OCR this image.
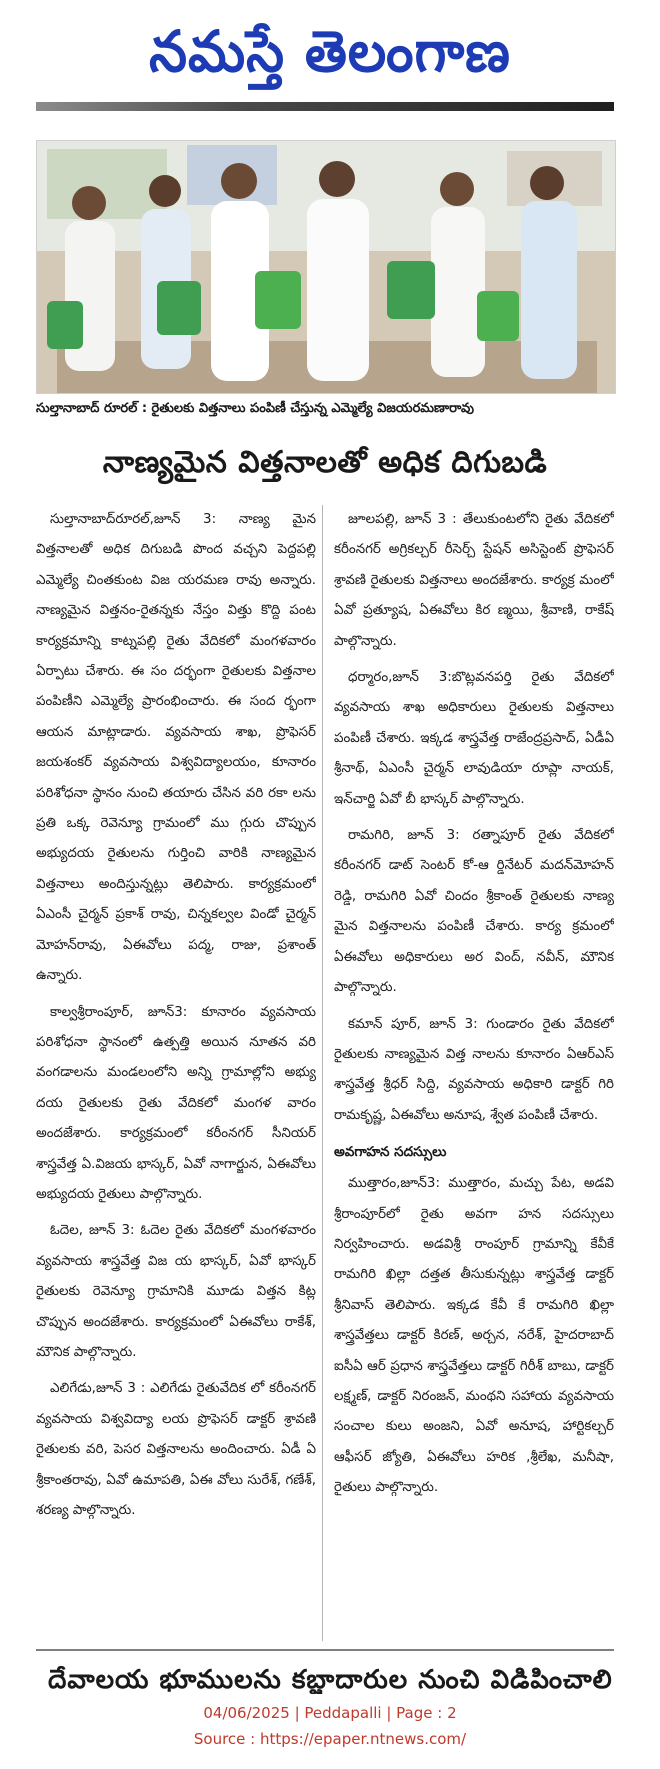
నమస్తే తెలంగాణ
సుల్తానాబాద్ రూరల్ : రైతులకు విత్తనాలు పంపిణీ చేస్తున్న ఎమ్మెల్యే విజయరమణారావు
నాణ్యమైన విత్తనాలతో అధిక దిగుబడి

సుల్తానాబాద్‌రూరల్,జూన్ 3: నాణ్య మైన విత్తనాలతో అధిక దిగుబడి పొంద వచ్చని పెద్దపల్లి ఎమ్మెల్యే చింతకుంట విజ యరమణ రావు అన్నారు. నాణ్యమైన విత్తనం-రైతన్నకు నేస్తం విత్తు కొద్ది పంట కార్యక్రమాన్ని కాట్నపల్లి రైతు వేదికలో మంగళవారం ఏర్పాటు చేశారు. ఈ సం దర్భంగా రైతులకు విత్తనాల పంపిణీని ఎమ్మెల్యే ప్రారంభించారు. ఈ సంద ర్భంగా ఆయన మాట్లాడారు. వ్యవసాయ శాఖ, ప్రొఫెసర్ జయశంకర్ వ్యవసాయ విశ్వవిద్యాలయం, కూనారం పరిశోధనా స్థానం నుంచి తయారు చేసిన వరి రకా లను ప్రతి ఒక్క రెవెన్యూ గ్రామంలో ము గ్గురు చొప్పున అభ్యుదయ రైతులను గుర్తించి వారికి నాణ్యమైన విత్తనాలు అందిస్తున్నట్లు తెలిపారు. కార్యక్రమంలో ఏఎంసీ చైర్మన్ ప్రకాశ్ రావు, చిన్నకల్వల విండో చైర్మన్ మోహన్‌రావు, ఏఈవోలు పద్మ, రాజు, ప్రశాంత్ ఉన్నారు.

కాల్వశ్రీరాంపూర్, జూన్3: కూనారం వ్యవసాయ పరిశోధనా స్థానంలో ఉత్పత్తి అయిన నూతన వరి వంగడాలను మండలంలోని అన్ని గ్రామాల్లోని అభ్యు దయ రైతులకు రైతు వేదికలో మంగళ వారం అందజేశారు. కార్యక్రమంలో కరీంనగర్ సీనియర్ శాస్త్రవేత్త ఏ.విజయ భాస్కర్, ఏవో నాగార్జున, ఏఈవోలు అభ్యుదయ రైతులు పాల్గొన్నారు.

ఓదెల, జూన్ 3: ఓదెల రైతు వేదికలో మంగళవారం వ్యవసాయ శాస్త్రవేత్త విజ య భాస్కర్, ఏవో భాస్కర్ రైతులకు రెవెన్యూ గ్రామానికి మూడు విత్తన కిట్ల చొప్పున అందజేశారు. కార్యక్రమంలో ఏఈవోలు రాకేశ్, మౌనిక పాల్గొన్నారు.

ఎలిగేడు,జూన్ 3 : ఎలిగేడు రైతువేదిక లో కరీంనగర్ వ్యవసాయ విశ్వవిద్యా లయ ప్రొఫెసర్ డాక్టర్ శ్రావణి రైతులకు వరి, పెసర విత్తనాలను అందించారు. ఏడీ ఏ శ్రీకాంతరావు, ఏవో ఉమాపతి, ఏఈ వోలు సురేశ్, గణేశ్, శరణ్య పాల్గొన్నారు.

జూలపల్లి, జూన్ 3 : తేలుకుంటలోని రైతు వేదికలో కరీంనగర్ అగ్రికల్చర్ రీసెర్చ్ స్టేషన్ అసిస్టెంట్ ప్రొఫెసర్ శ్రావణి రైతులకు విత్తనాలు అందజేశారు. కార్యక్ర మంలో ఏవో ప్రత్యూష, ఏఈవోలు కిర ణ్మయి, శ్రీవాణి, రాకేష్ పాల్గొన్నారు.

ధర్మారం,జూన్ 3:బొట్లవనపర్తి రైతు వేదికలో వ్యవసాయ శాఖ అధికారులు రైతులకు విత్తనాలు పంపిణీ చేశారు. ఇక్కడ శాస్త్రవేత్త రాజేంద్రప్రసాద్, ఏడీఏ శ్రీనాథ్, ఏఎంసీ చైర్మన్ లావుడియా రూప్లా నాయక్, ఇన్‌చార్జి ఏవో బీ భాస్కర్ పాల్గొన్నారు.

రామగిరి, జూన్ 3: రత్నాపూర్ రైతు వేదికలో కరీంనగర్ డాట్ సెంటర్ కో-ఆ ర్డినేటర్ మదన్‌మోహన్ రెడ్డి, రామగిరి ఏవో చిందం శ్రీకాంత్ రైతులకు నాణ్య మైన విత్తనాలను పంపిణీ చేశారు. కార్య క్రమంలో ఏఈవోలు అధికారులు అర వింద్, నవీన్, మౌనిక పాల్గొన్నారు.

కమాన్ పూర్, జూన్ 3: గుండారం రైతు వేదికలో రైతులకు నాణ్యమైన విత్త నాలను కూనారం ఏఆర్ఎస్ శాస్త్రవేత్త శ్రీధర్ సిద్ది, వ్యవసాయ అధికారి డాక్టర్ గిరి రామకృష్ణ, ఏఈవోలు అనూష, శ్వేత పంపిణీ చేశారు.

అవగాహన సదస్సులు

ముత్తారం,జూన్3: ముత్తారం, మచ్చు పేట, అడవి శ్రీరాంపూర్‌లో రైతు అవగా హన సదస్సులు నిర్వహించారు. అడవిశ్రీ రాంపూర్ గ్రామాన్ని కేవీకే రామగిరి ఖిల్లా దత్తత తీసుకున్నట్లు శాస్త్రవేత్త డాక్టర్ శ్రీనివాస్ తెలిపారు. ఇక్కడ కేవీ కే రామగిరి ఖిల్లా శాస్త్రవేత్తలు డాక్టర్ కిరణ్, అర్చన, నరేశ్, హైదరాబాద్ ఐసీఏ ఆర్ ప్రధాన శాస్త్రవేత్తలు డాక్టర్ గిరీశ్ బాబు, డాక్టర్ లక్ష్మణ్, డాక్టర్ నిరంజన్, మంథని సహాయ వ్యవసాయ సంచాల కులు అంజని, ఏవో అనూష, హార్టికల్చర్ ఆఫీసర్ జ్యోతి, ఏఈవోలు హరిక ,శ్రీలేఖ, మనీషా, రైతులు పాల్గొన్నారు.

దేవాలయ భూములను కబ్జాదారుల నుంచి విడిపించాలి
04/06/2025 | Peddapalli | Page : 2
Source : https://epaper.ntnews.com/
